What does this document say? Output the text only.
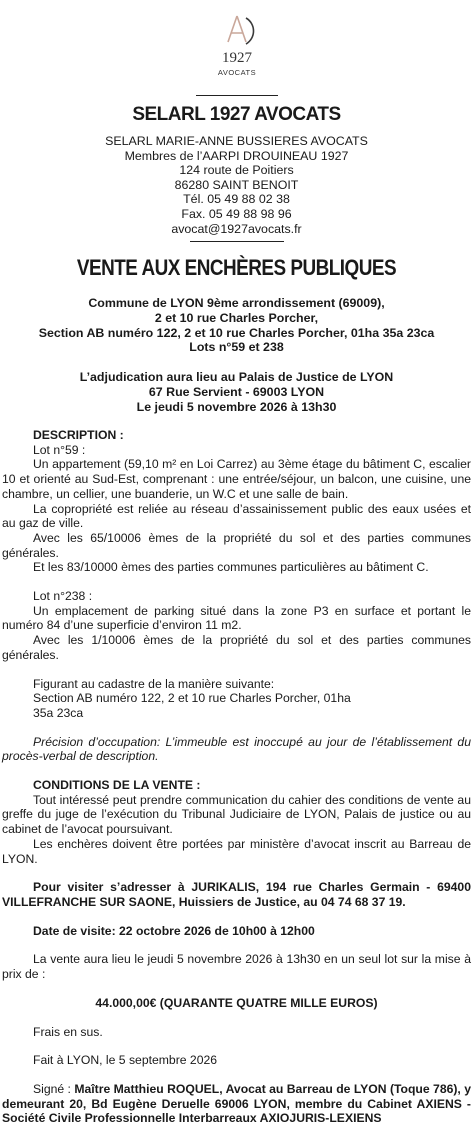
1927
AVOCATS
SELARL 1927 AVOCATS
SELARL MARIE-ANNE BUSSIERES AVOCATS
Membres de l’AARPI DROUINEAU 1927
124 route de Poitiers
86280 SAINT BENOIT
Tél. 05 49 88 02 38
Fax. 05 49 88 98 96
avocat@1927avocats.fr
VENTE AUX ENCHÈRES PUBLIQUES
Commune de LYON 9ème arrondissement (69009),
2 et 10 rue Charles Porcher,
Section AB numéro 122, 2 et 10 rue Charles Porcher, 01ha 35a 23ca
Lots n°59 et 238
L’adjudication aura lieu au Palais de Justice de LYON
67 Rue Servient - 69003 LYON
Le jeudi 5 novembre 2026 à 13h30

DESCRIPTION :

Lot n°59 :

Un appartement (59,10 m² en Loi Carrez) au 3ème étage du bâtiment C, escalier 10 et orienté au Sud-Est, comprenant : une entrée/séjour, un balcon, une cuisine, une chambre, un cellier, une buanderie, un W.C et une salle de bain.

La copropriété est reliée au réseau d’assainissement public des eaux usées et au gaz de ville.

Avec les 65/10006 èmes de la propriété du sol et des parties communes générales.

Et les 83/10000 èmes des parties communes particulières au bâtiment C.

Lot n°238 :

Un emplacement de parking situé dans la zone P3 en surface et portant le numéro 84 d’une superficie d’environ 11 m2.

Avec les 1/10006 èmes de la propriété du sol et des parties communes générales.

Figurant au cadastre de la manière suivante:

Section AB numéro 122, 2 et 10 rue Charles Porcher, 01ha

35a 23ca

Précision d’occupation: L’immeuble est inoccupé au jour de l’établissement du procès-verbal de description.

CONDITIONS DE LA VENTE :

Tout intéressé peut prendre communication du cahier des conditions de vente au greffe du juge de l’exécution du Tribunal Judiciaire de LYON, Palais de justice ou au cabinet de l’avocat poursuivant.

Les enchères doivent être portées par ministère d’avocat inscrit au Barreau de LYON.

Pour visiter s’adresser à JURIKALIS, 194 rue Charles Germain - 69400 VILLEFRANCHE SUR SAONE, Huissiers de Justice, au 04 74 68 37 19.

Date de visite: 22 octobre 2026 de 10h00 à 12h00

La vente aura lieu le jeudi 5 novembre 2026 à 13h30 en un seul lot sur la mise à prix de :

44.000,00€ (QUARANTE QUATRE MILLE EUROS)

Frais en sus.

Fait à LYON, le 5 septembre 2026

Signé : Maître Matthieu ROQUEL, Avocat au Barreau de LYON (Toque 786), y demeurant 20, Bd Eugène Deruelle 69006 LYON, membre du Cabinet AXIENS - Société Civile Professionnelle Interbarreaux AXIOJURIS-LEXIENS
